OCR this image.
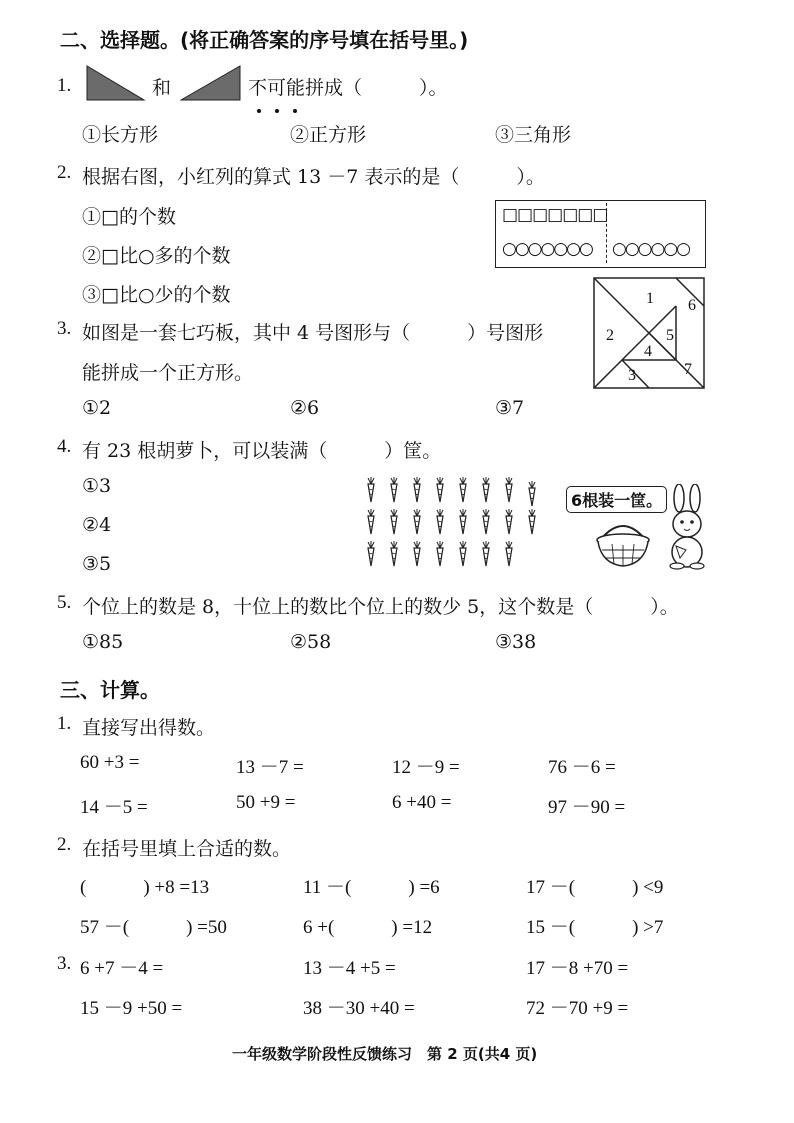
二、选择题。(将正确答案的序号填在括号里。)
1.	和	不可能拼成（　　　）。
①长方形	②正方形	③三角形
2. 根据右图，小红列的算式 13 －7 表示的是（　　　）。
①□的个数
②□比○多的个数
③□比○少的个数
□□□□□□□
○○○○○○○ ○○○○○○
3. 如图是一套七巧板，其中 4 号图形与（　　　）号图形
能拼成一个正方形。
①2	②6	③7
1
2
3
4
5
6
7
4. 有 23 根胡萝卜，可以装满（　　　）筐。
①3
②4
③5
6根装一筐。
5. 个位上的数是 8，十位上的数比个位上的数少 5，这个数是（　　　）。
①85	②58	③38
三、计算。
1. 直接写出得数。
60 +3 =	13 －7 =	12 －9 =	76 －6 =
14 －5 =	50 +9 =	6 +40 =	97 －90 =
2. 在括号里填上合适的数。
(　　　) +8 =13	11 －(　　　) =6	17 －(　　　) <9
57 －(　　　) =50	6 +(　　　) =12	15 －(　　　) >7
3. 6 +7 －4 =	13 －4 +5 =	17 －8 +70 =
15 －9 +50 =	38 －30 +40 =	72 －70 +9 =
一年级数学阶段性反馈练习　第 2 页(共4 页)
